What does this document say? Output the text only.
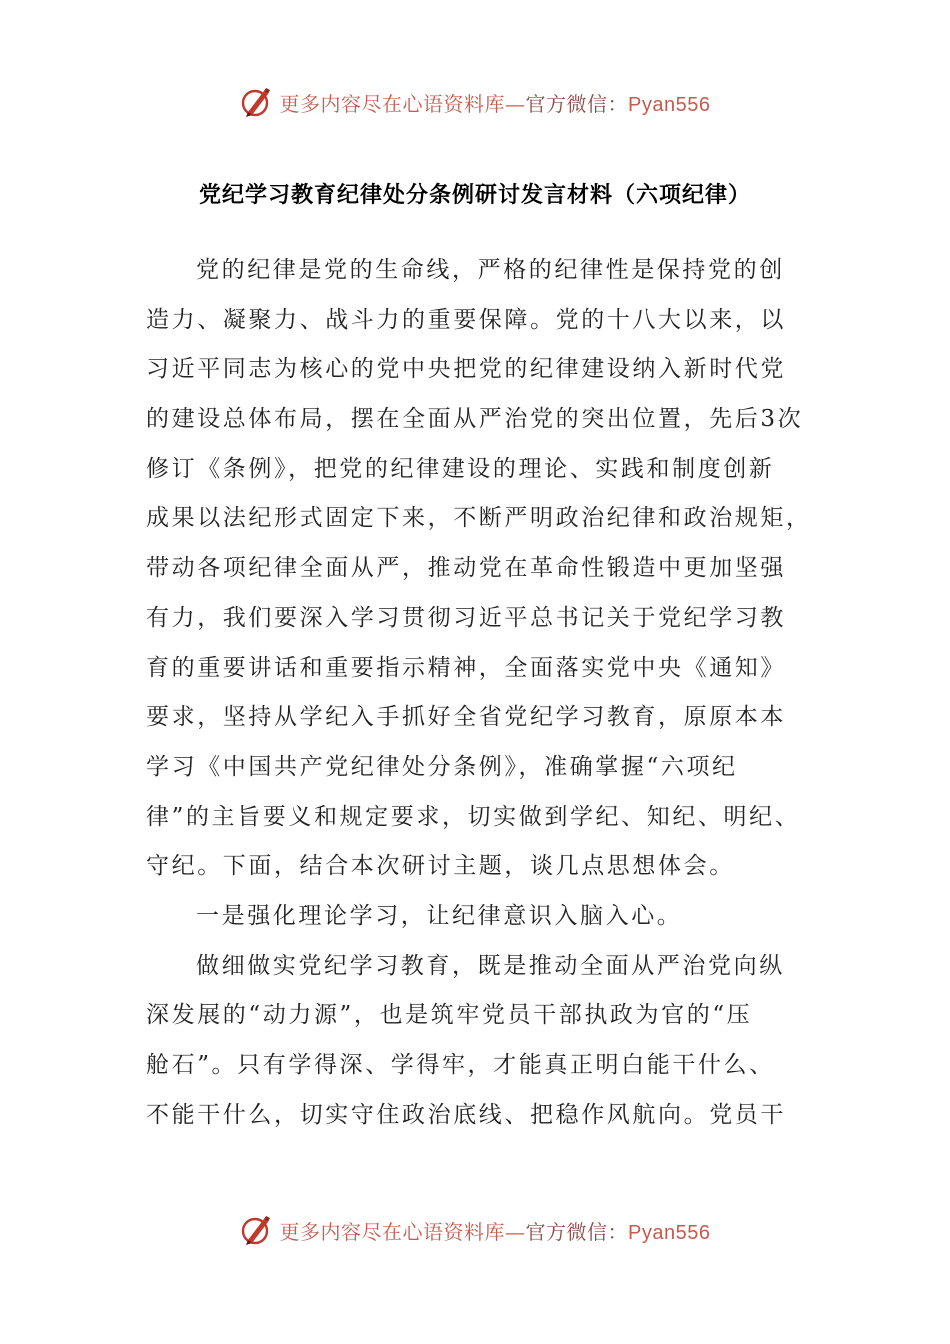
更多内容尽在心语资料库—官方微信：Pyan556
党纪学习教育纪律处分条例研讨发言材料（六项纪律）
党的纪律是党的生命线，严格的纪律性是保持党的创
造力、凝聚力、战斗力的重要保障。党的十八大以来，以
习近平同志为核心的党中央把党的纪律建设纳入新时代党
的建设总体布局，摆在全面从严治党的突出位置，先后3次
修订《条例》，把党的纪律建设的理论、实践和制度创新
成果以法纪形式固定下来，不断严明政治纪律和政治规矩，
带动各项纪律全面从严，推动党在革命性锻造中更加坚强
有力，我们要深入学习贯彻习近平总书记关于党纪学习教
育的重要讲话和重要指示精神，全面落实党中央《通知》
要求，坚持从学纪入手抓好全省党纪学习教育，原原本本
学习《中国共产党纪律处分条例》，准确掌握“六项纪
律”的主旨要义和规定要求，切实做到学纪、知纪、明纪、
守纪。下面，结合本次研讨主题，谈几点思想体会。
一是强化理论学习，让纪律意识入脑入心。
做细做实党纪学习教育，既是推动全面从严治党向纵
深发展的“动力源”，也是筑牢党员干部执政为官的“压
舱石”。只有学得深、学得牢，才能真正明白能干什么、
不能干什么，切实守住政治底线、把稳作风航向。党员干
更多内容尽在心语资料库—官方微信：Pyan556
